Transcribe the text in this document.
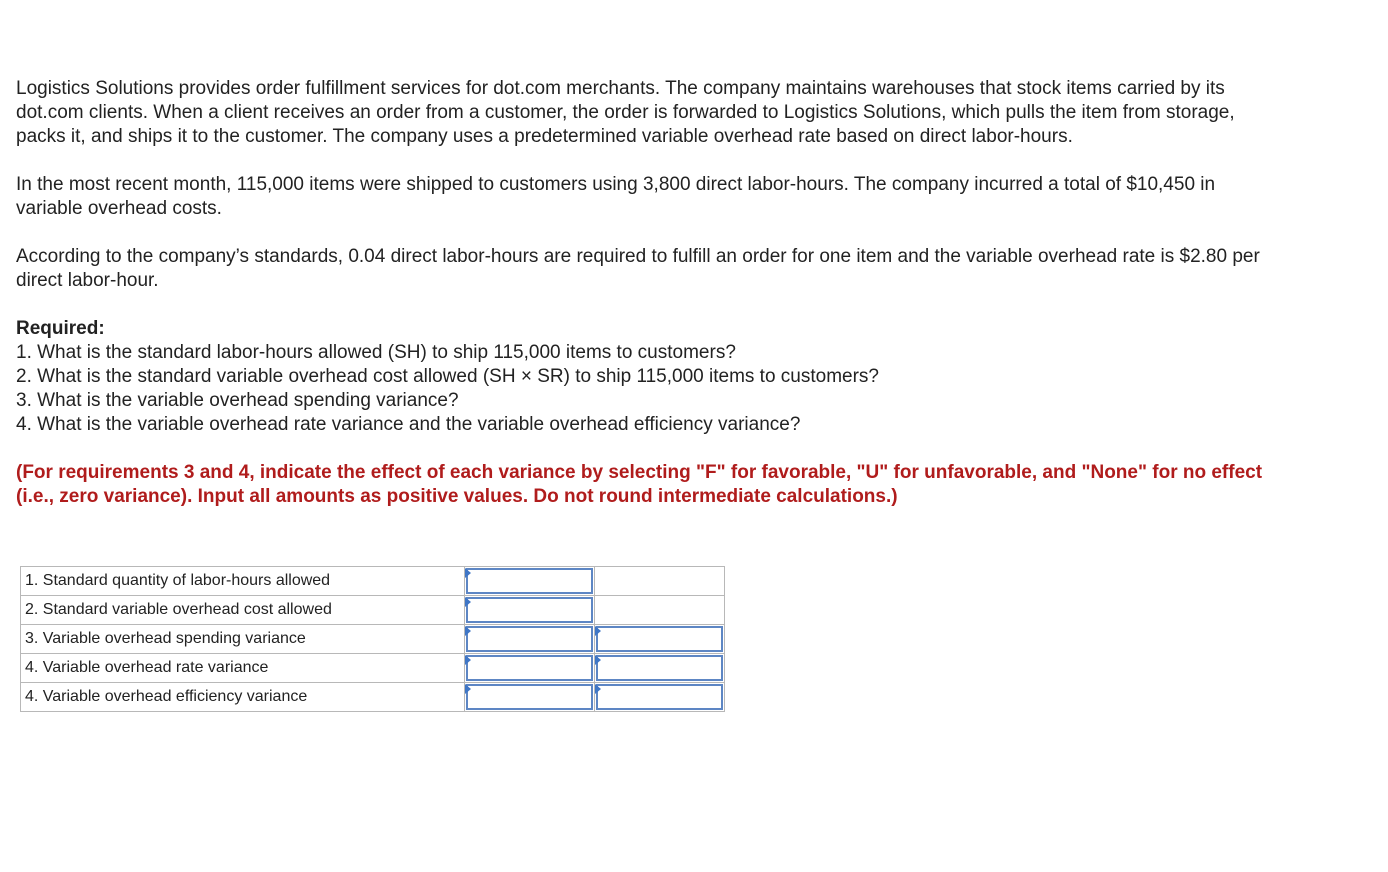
Logistics Solutions provides order fulfillment services for dot.com merchants. The company maintains warehouses that stock items carried by its dot.com clients. When a client receives an order from a customer, the order is forwarded to Logistics Solutions, which pulls the item from storage, packs it, and ships it to the customer. The company uses a predetermined variable overhead rate based on direct labor-hours.

In the most recent month, 115,000 items were shipped to customers using 3,800 direct labor-hours. The company incurred a total of $10,450 in variable overhead costs.

According to the company’s standards, 0.04 direct labor-hours are required to fulfill an order for one item and the variable overhead rate is $2.80 per direct labor-hour.

Required:

1. What is the standard labor-hours allowed (SH) to ship 115,000 items to customers?
2. What is the standard variable overhead cost allowed (SH × SR) to ship 115,000 items to customers?
3. What is the variable overhead spending variance?
4. What is the variable overhead rate variance and the variable overhead efficiency variance?

(For requirements 3 and 4, indicate the effect of each variance by selecting "F" for favorable, "U" for unfavorable, and "None" for no effect (i.e., zero variance). Input all amounts as positive values. Do not round intermediate calculations.)

1. Standard quantity of labor-hours allowed	

2. Standard variable overhead cost allowed	

3. Variable overhead spending variance	

4. Variable overhead rate variance	

4. Variable overhead efficiency variance	
